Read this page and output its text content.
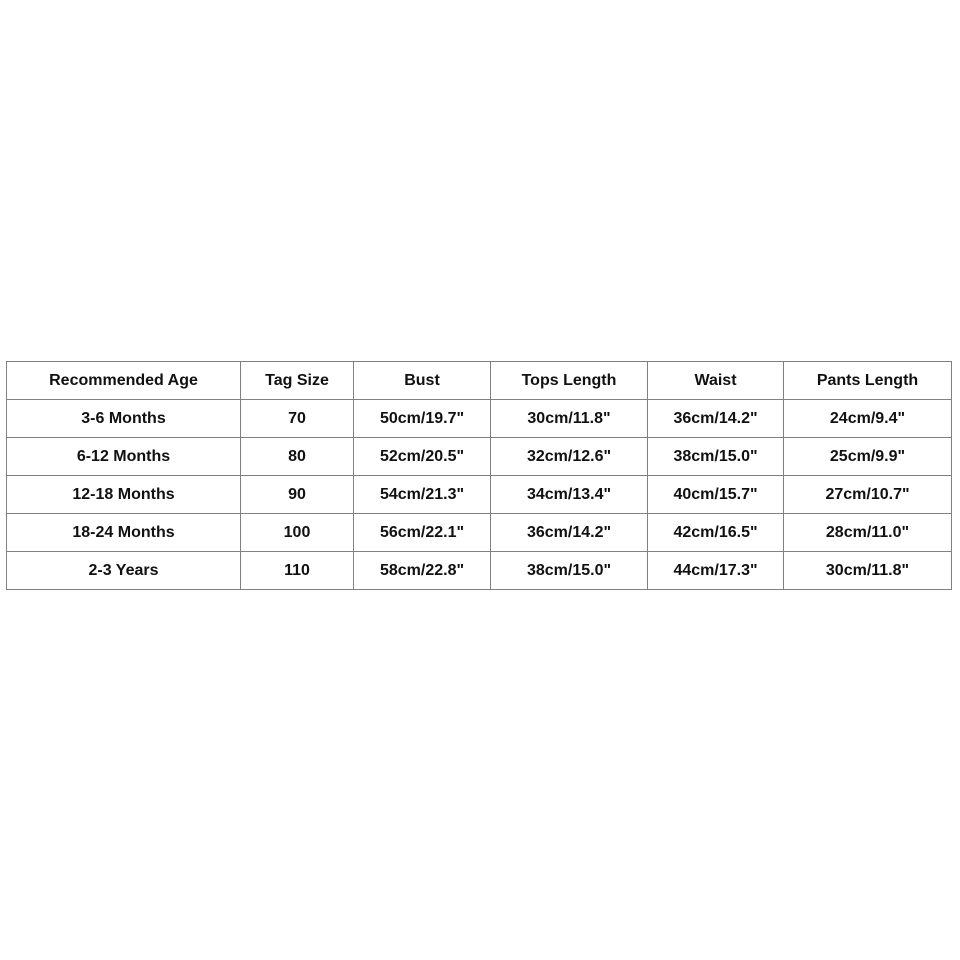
Recommended Age	Tag Size	Bust	Tops Length	Waist	Pants Length
3-6 Months	70	50cm/19.7"	30cm/11.8"	36cm/14.2"	24cm/9.4"
6-12 Months	80	52cm/20.5"	32cm/12.6"	38cm/15.0"	25cm/9.9"
12-18 Months	90	54cm/21.3"	34cm/13.4"	40cm/15.7"	27cm/10.7"
18-24 Months	100	56cm/22.1"	36cm/14.2"	42cm/16.5"	28cm/11.0"
2-3 Years	110	58cm/22.8"	38cm/15.0"	44cm/17.3"	30cm/11.8"
